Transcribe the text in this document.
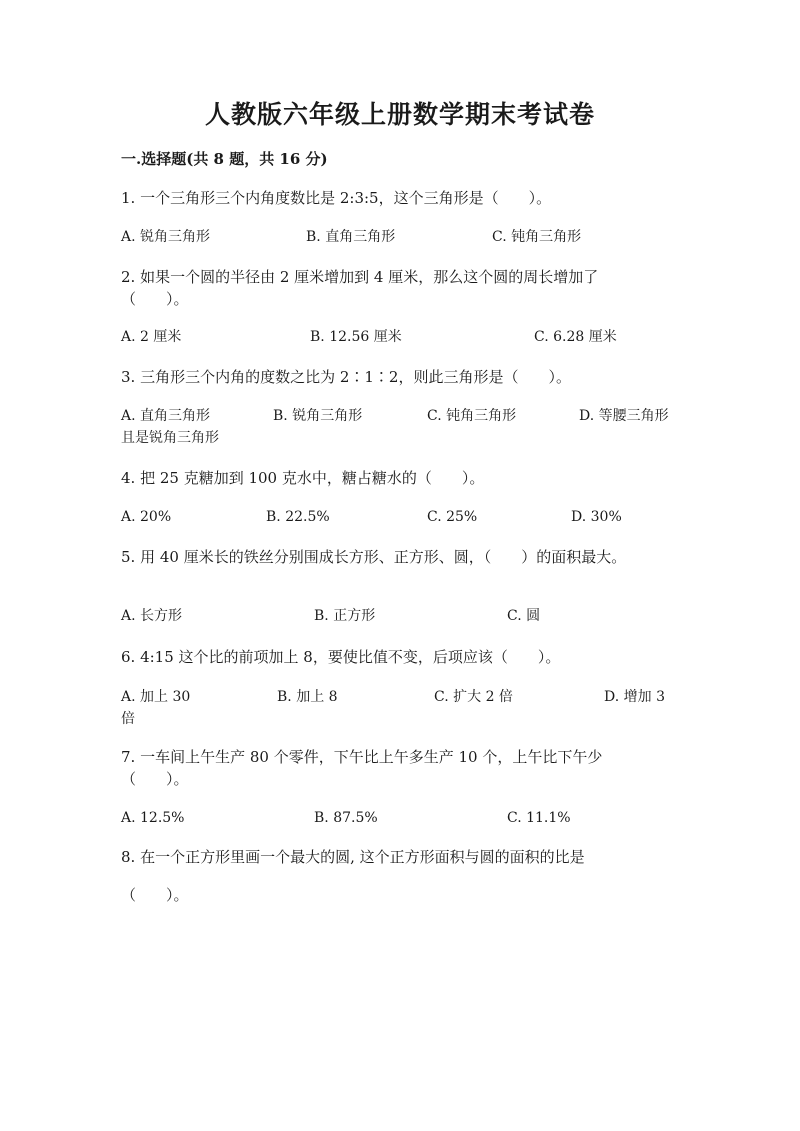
人教版六年级上册数学期末考试卷
一.选择题(共 8 题，共 16 分)
1. 一个三角形三个内角度数比是 2:3:5，这个三角形是（　　）。
A. 锐角三角形	B. 直角三角形	C. 钝角三角形
2. 如果一个圆的半径由 2 厘米增加到 4 厘米，那么这个圆的周长增加了（　　）。
A. 2 厘米	B. 12.56 厘米	C. 6.28 厘米
3. 三角形三个内角的度数之比为 2∶1∶2，则此三角形是（　　）。
A. 直角三角形	B. 锐角三角形	C. 钝角三角形	D. 等腰三角形
且是锐角三角形
4. 把 25 克糖加到 100 克水中，糖占糖水的（　　）。
A. 20%	B. 22.5%	C. 25%	D. 30%
5. 用 40 厘米长的铁丝分别围成长方形、正方形、圆，（　　）的面积最大。
A. 长方形	B. 正方形	C. 圆
6. 4:15 这个比的前项加上 8，要使比值不变，后项应该（　　）。
A. 加上 30	B. 加上 8	C. 扩大 2 倍	D. 增加 3
倍
7. 一车间上午生产 80 个零件，下午比上午多生产 10 个，上午比下午少（　　）。
A. 12.5%	B. 87.5%	C. 11.1%
8. 在一个正方形里画一个最大的圆, 这个正方形面积与圆的面积的比是
（　　）。
